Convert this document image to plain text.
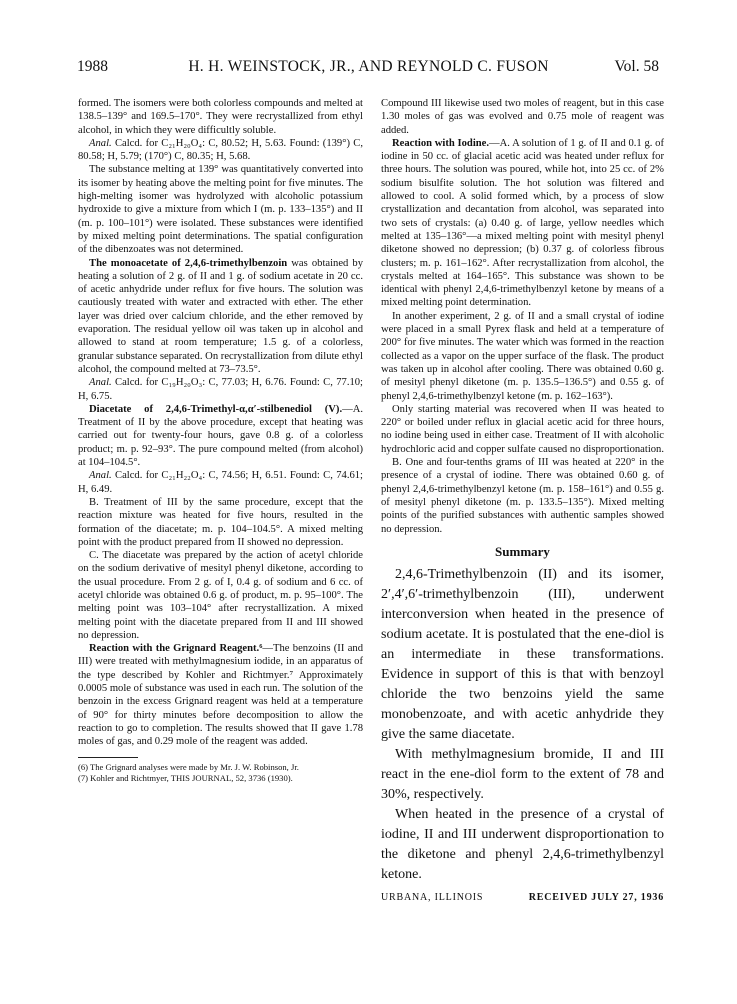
1988	H. H. WEINSTOCK, JR., AND REYNOLD C. FUSON	Vol. 58

formed. The isomers were both colorless compounds and melted at 138.5–139° and 169.5–170°. They were recrystallized from ethyl alcohol, in which they were difficultly soluble.

Anal. Calcd. for C₂₁H₂₀O₄: C, 80.52; H, 5.63. Found: (139°) C, 80.58; H, 5.79; (170°) C, 80.35; H, 5.68.

The substance melting at 139° was quantitatively converted into its isomer by heating above the melting point for five minutes. The high-melting isomer was hydrolyzed with alcoholic potassium hydroxide to give a mixture from which I (m. p. 133–135°) and II (m. p. 100–101°) were isolated. These substances were identified by mixed melting point determinations. The spatial configuration of the dibenzoates was not determined.

The monoacetate of 2,4,6-trimethylbenzoin was obtained by heating a solution of 2 g. of II and 1 g. of sodium acetate in 20 cc. of acetic anhydride under reflux for five hours. The solution was cautiously treated with water and extracted with ether. The ether layer was dried over calcium chloride, and the ether removed by evaporation. The residual yellow oil was taken up in alcohol and allowed to stand at room temperature; 1.5 g. of a colorless, granular substance separated. On recrystallization from dilute ethyl alcohol, the compound melted at 73–73.5°.

Anal. Calcd. for C₁₉H₂₀O₃: C, 77.03; H, 6.76. Found: C, 77.10; H, 6.75.

Diacetate of 2,4,6-Trimethyl-α,α′-stilbenediol (V).—A. Treatment of II by the above procedure, except that heating was carried out for twenty-four hours, gave 0.8 g. of a colorless product; m. p. 92–93°. The pure compound melted (from alcohol) at 104–104.5°.

Anal. Calcd. for C₂₁H₂₂O₄: C, 74.56; H, 6.51. Found: C, 74.61; H, 6.49.

B. Treatment of III by the same procedure, except that the reaction mixture was heated for five hours, resulted in the formation of the diacetate; m. p. 104–104.5°. A mixed melting point with the product prepared from II showed no depression.

C. The diacetate was prepared by the action of acetyl chloride on the sodium derivative of mesityl phenyl diketone, according to the usual procedure. From 2 g. of I, 0.4 g. of sodium and 6 cc. of acetyl chloride was obtained 0.6 g. of product, m. p. 95–100°. The melting point was 103–104° after recrystallization. A mixed melting point with the diacetate prepared from II and III showed no depression.

Reaction with the Grignard Reagent.⁶—The benzoins (II and III) were treated with methylmagnesium iodide, in an apparatus of the type described by Kohler and Richtmyer.⁷ Approximately 0.0005 mole of substance was used in each run. The solution of the benzoin in the excess Grignard reagent was held at a temperature of 90° for thirty minutes before decomposition to allow the reaction to go to completion. The results showed that II gave 1.78 moles of gas, and 0.29 mole of the reagent was added.

(6) The Grignard analyses were made by Mr. J. W. Robinson, Jr.

(7) Kohler and Richtmyer, THIS JOURNAL, 52, 3736 (1930).

Compound III likewise used two moles of reagent, but in this case 1.30 moles of gas was evolved and 0.75 mole of reagent was added.

Reaction with Iodine.—A. A solution of 1 g. of II and 0.1 g. of iodine in 50 cc. of glacial acetic acid was heated under reflux for three hours. The solution was poured, while hot, into 25 cc. of 2% sodium bisulfite solution. The hot solution was filtered and allowed to cool. A solid formed which, by a process of slow crystallization and decantation from alcohol, was separated into two sets of crystals: (a) 0.40 g. of large, yellow needles which melted at 135–136°—a mixed melting point with mesityl phenyl diketone showed no depression; (b) 0.37 g. of colorless fibrous clusters; m. p. 161–162°. After recrystallization from alcohol, the crystals melted at 164–165°. This substance was shown to be identical with phenyl 2,4,6-trimethylbenzyl ketone by means of a mixed melting point determination.

In another experiment, 2 g. of II and a small crystal of iodine were placed in a small Pyrex flask and held at a temperature of 200° for five minutes. The water which was formed in the reaction collected as a vapor on the upper surface of the flask. The product was taken up in alcohol after cooling. There was obtained 0.60 g. of mesityl phenyl diketone (m. p. 135.5–136.5°) and 0.55 g. of phenyl 2,4,6-trimethylbenzyl ketone (m. p. 162–163°).

Only starting material was recovered when II was heated to 220° or boiled under reflux in glacial acetic acid for three hours, no iodine being used in either case. Treatment of II with alcoholic hydrochloric acid and copper sulfate caused no disproportionation.

B. One and four-tenths grams of III was heated at 220° in the presence of a crystal of iodine. There was obtained 0.60 g. of phenyl 2,4,6-trimethylbenzyl ketone (m. p. 158–161°) and 0.55 g. of mesityl phenyl diketone (m. p. 133.5–135°). Mixed melting points of the purified substances with authentic samples showed no depression.

Summary

2,4,6-Trimethylbenzoin (II) and its isomer, 2′,4′,6′-trimethylbenzoin (III), underwent interconversion when heated in the presence of sodium acetate. It is postulated that the ene-diol is an intermediate in these transformations. Evidence in support of this is that with benzoyl chloride the two benzoins yield the same monobenzoate, and with acetic anhydride they give the same diacetate.

With methylmagnesium bromide, II and III react in the ene-diol form to the extent of 78 and 30%, respectively.

When heated in the presence of a crystal of iodine, II and III underwent disproportionation to the diketone and phenyl 2,4,6-trimethylbenzyl ketone.

URBANA, ILLINOIS	RECEIVED JULY 27, 1936
